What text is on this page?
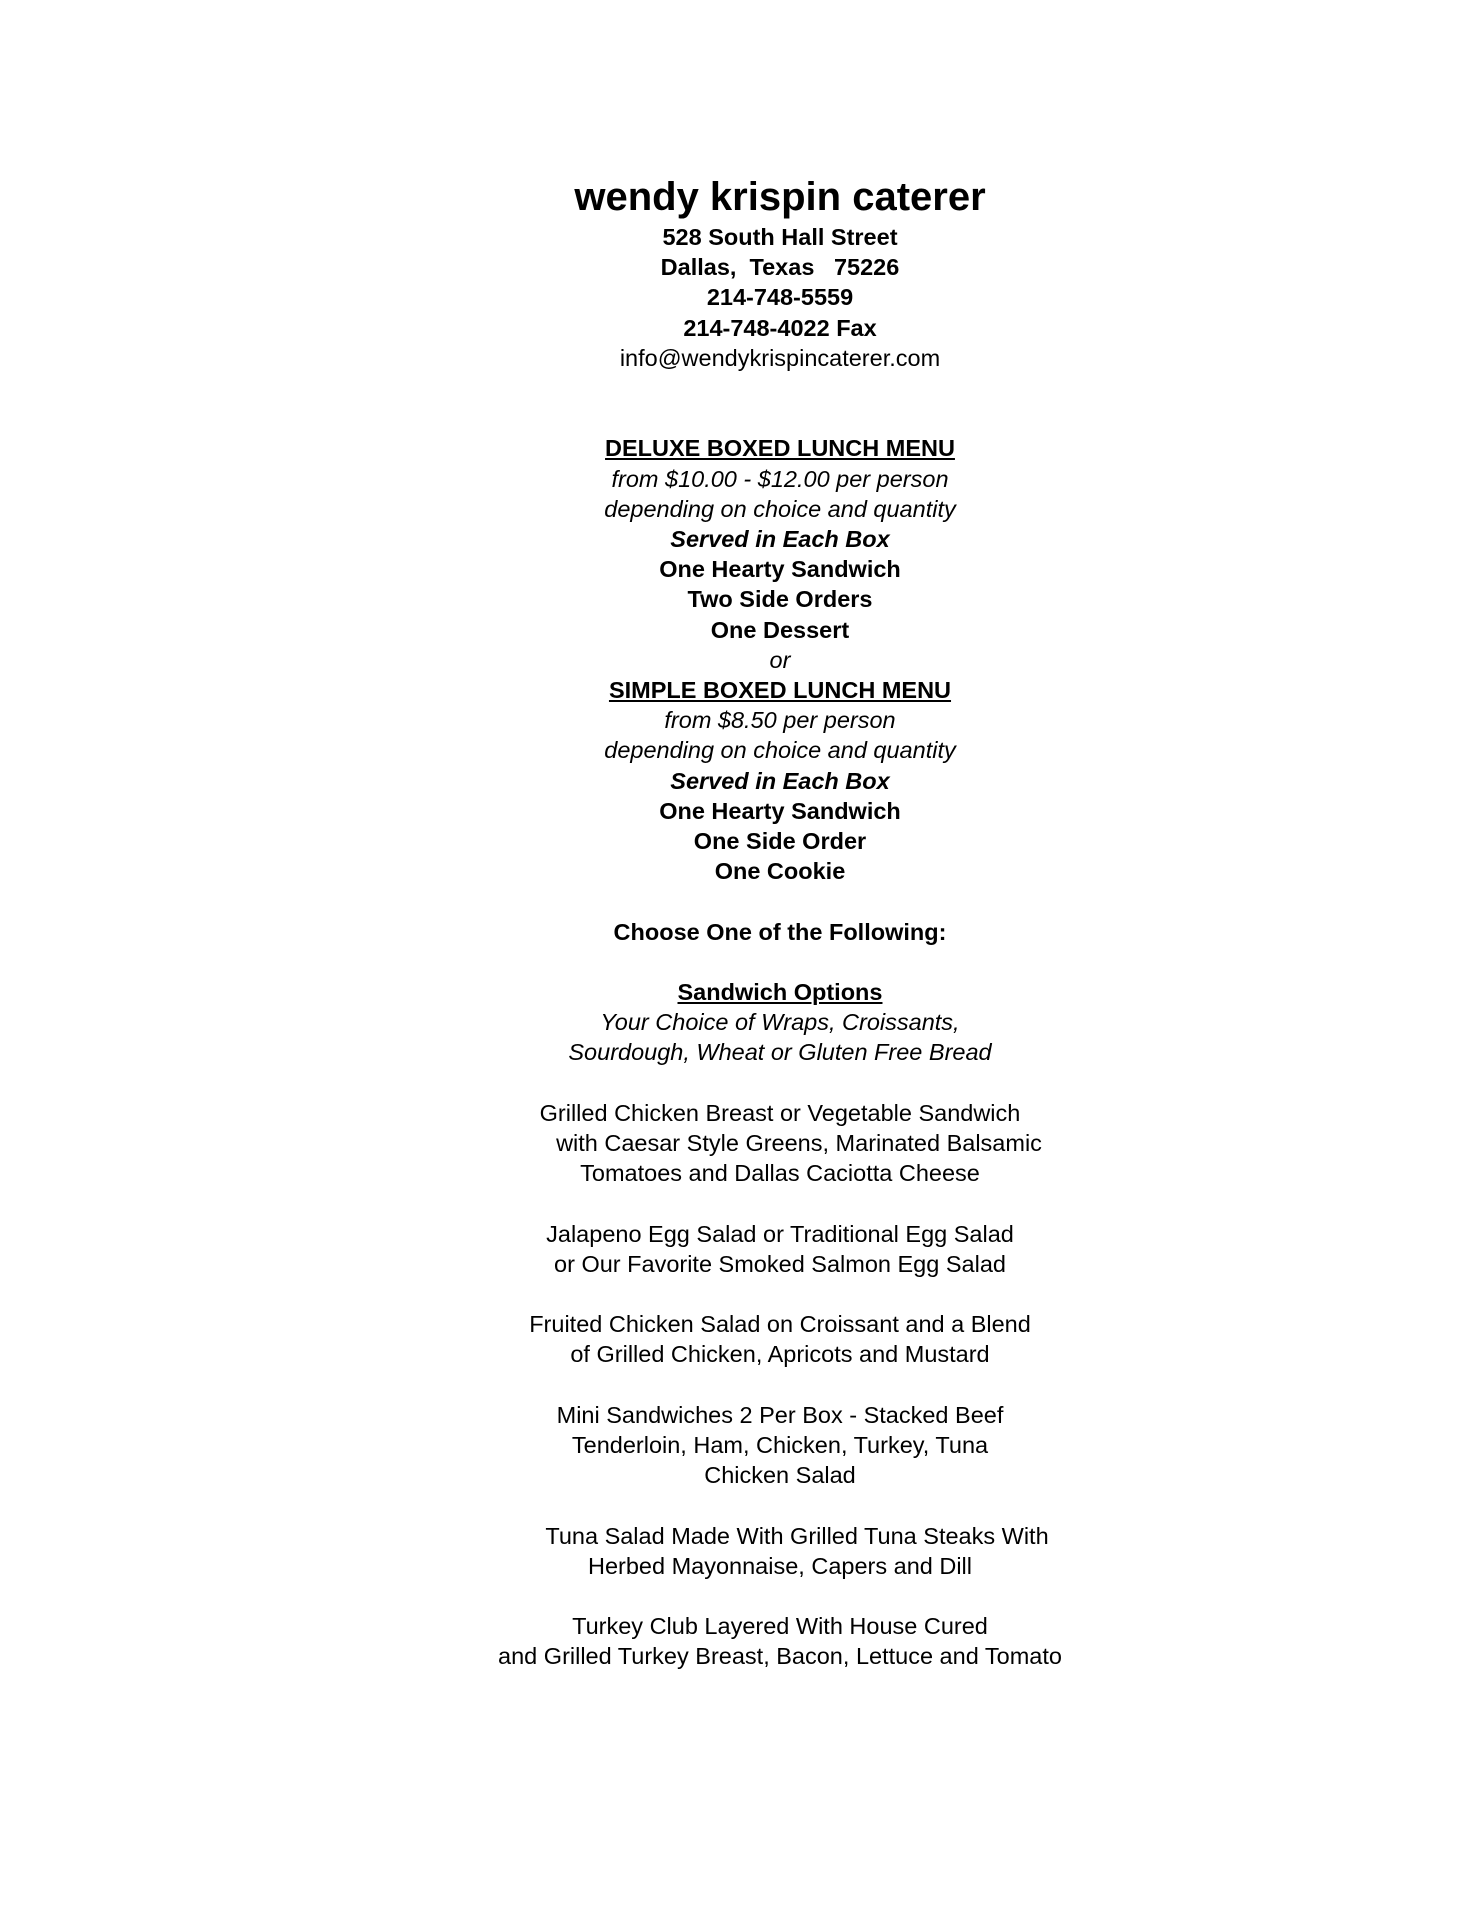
wendy krispin caterer
528 South Hall Street
Dallas,  Texas   75226
214-748-5559
214-748-4022 Fax
info@wendykrispincaterer.com
DELUXE BOXED LUNCH MENU
from $10.00 - $12.00 per person
depending on choice and quantity
Served in Each Box
One Hearty Sandwich
Two Side Orders
One Dessert
or
SIMPLE BOXED LUNCH MENU
from $8.50 per person
depending on choice and quantity
Served in Each Box
One Hearty Sandwich
One Side Order
One Cookie
Choose One of the Following:
Sandwich Options
Your Choice of Wraps, Croissants,
Sourdough, Wheat or Gluten Free Bread
Grilled Chicken Breast or Vegetable Sandwich
with Caesar Style Greens, Marinated Balsamic
Tomatoes and Dallas Caciotta Cheese
Jalapeno Egg Salad or Traditional Egg Salad
or Our Favorite Smoked Salmon Egg Salad
Fruited Chicken Salad on Croissant and a Blend
of Grilled Chicken, Apricots and Mustard
Mini Sandwiches 2 Per Box - Stacked Beef
Tenderloin, Ham, Chicken, Turkey, Tuna
Chicken Salad
Tuna Salad Made With Grilled Tuna Steaks With
Herbed Mayonnaise, Capers and Dill
Turkey Club Layered With House Cured
and Grilled Turkey Breast, Bacon, Lettuce and Tomato
